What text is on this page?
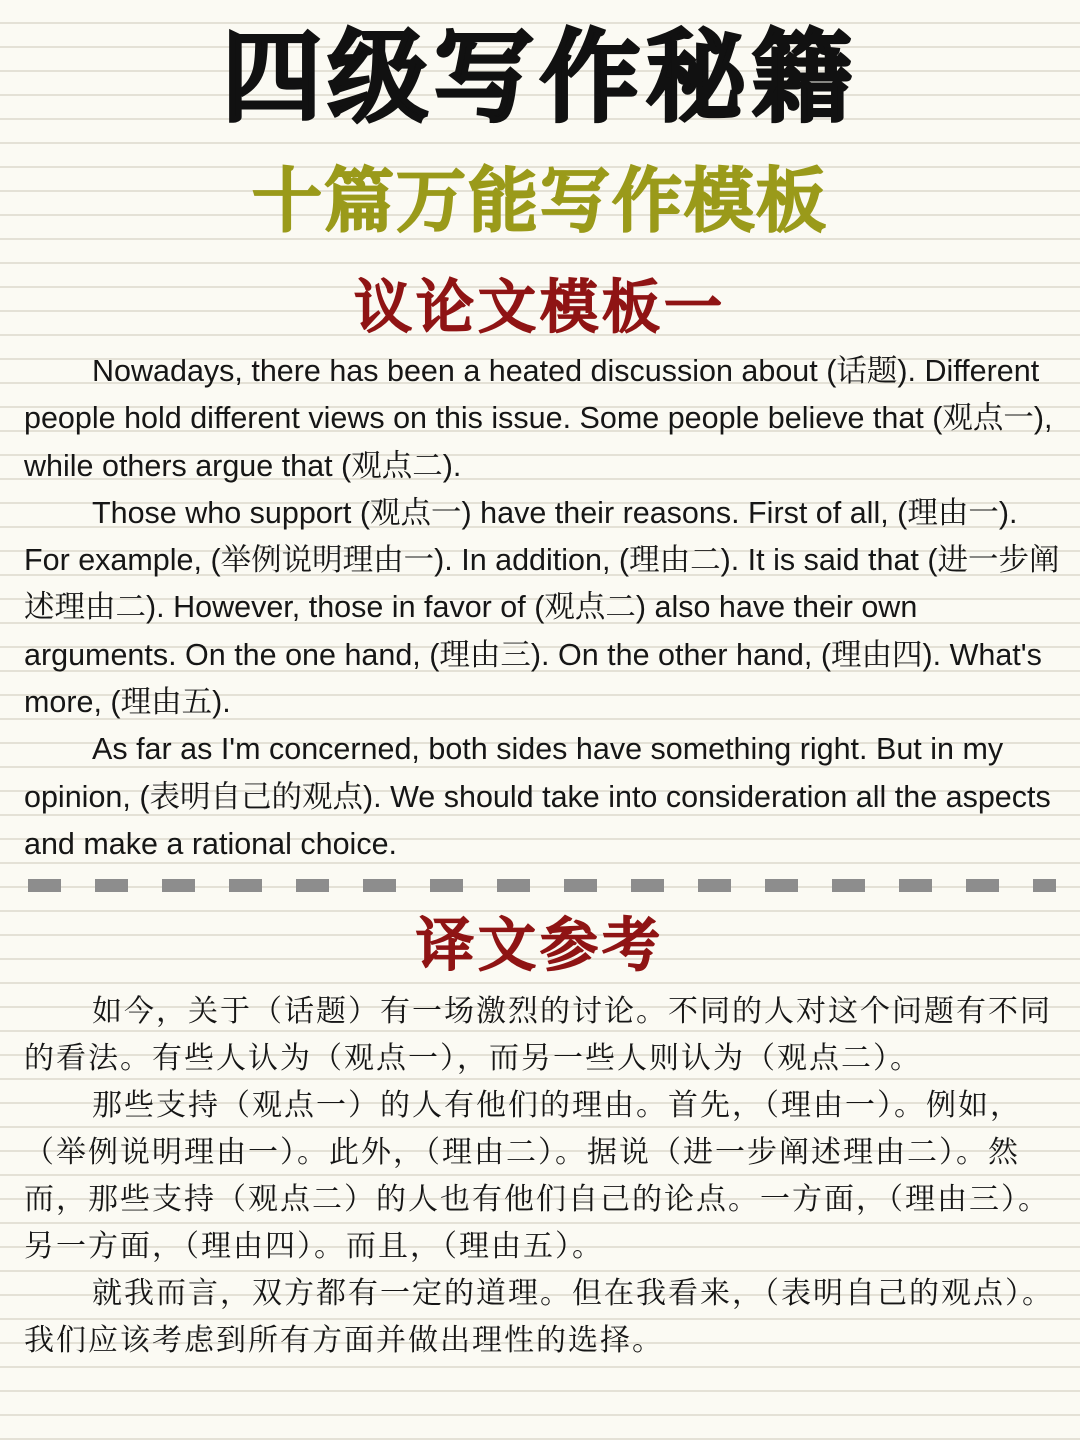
四级写作秘籍
十篇万能写作模板
议论文模板一

Nowadays, there has been a heated discussion about (话题). Different people hold different views on this issue. Some people believe that (观点一), while others argue that (观点二).

Those who support (观点一) have their reasons. First of all, (理由一). For example, (举例说明理由一). In addition, (理由二). It is said that (进一步阐述理由二). However, those in favor of (观点二) also have their own arguments. On the one hand, (理由三). On the other hand, (理由四). What's more, (理由五).

As far as I'm concerned, both sides have something right. But in my opinion, (表明自己的观点). We should take into consideration all the aspects and make a rational choice.

译文参考

如今，关于（话题）有一场激烈的讨论。不同的人对这个问题有不同的看法。有些人认为（观点一），而另一些人则认为（观点二）。

那些支持（观点一）的人有他们的理由。首先，（理由一）。例如，（举例说明理由一）。此外，（理由二）。据说（进一步阐述理由二）。然而，那些支持（观点二）的人也有他们自己的论点。一方面，（理由三）。另一方面，（理由四）。而且，（理由五）。

就我而言，双方都有一定的道理。但在我看来，（表明自己的观点）。我们应该考虑到所有方面并做出理性的选择。
